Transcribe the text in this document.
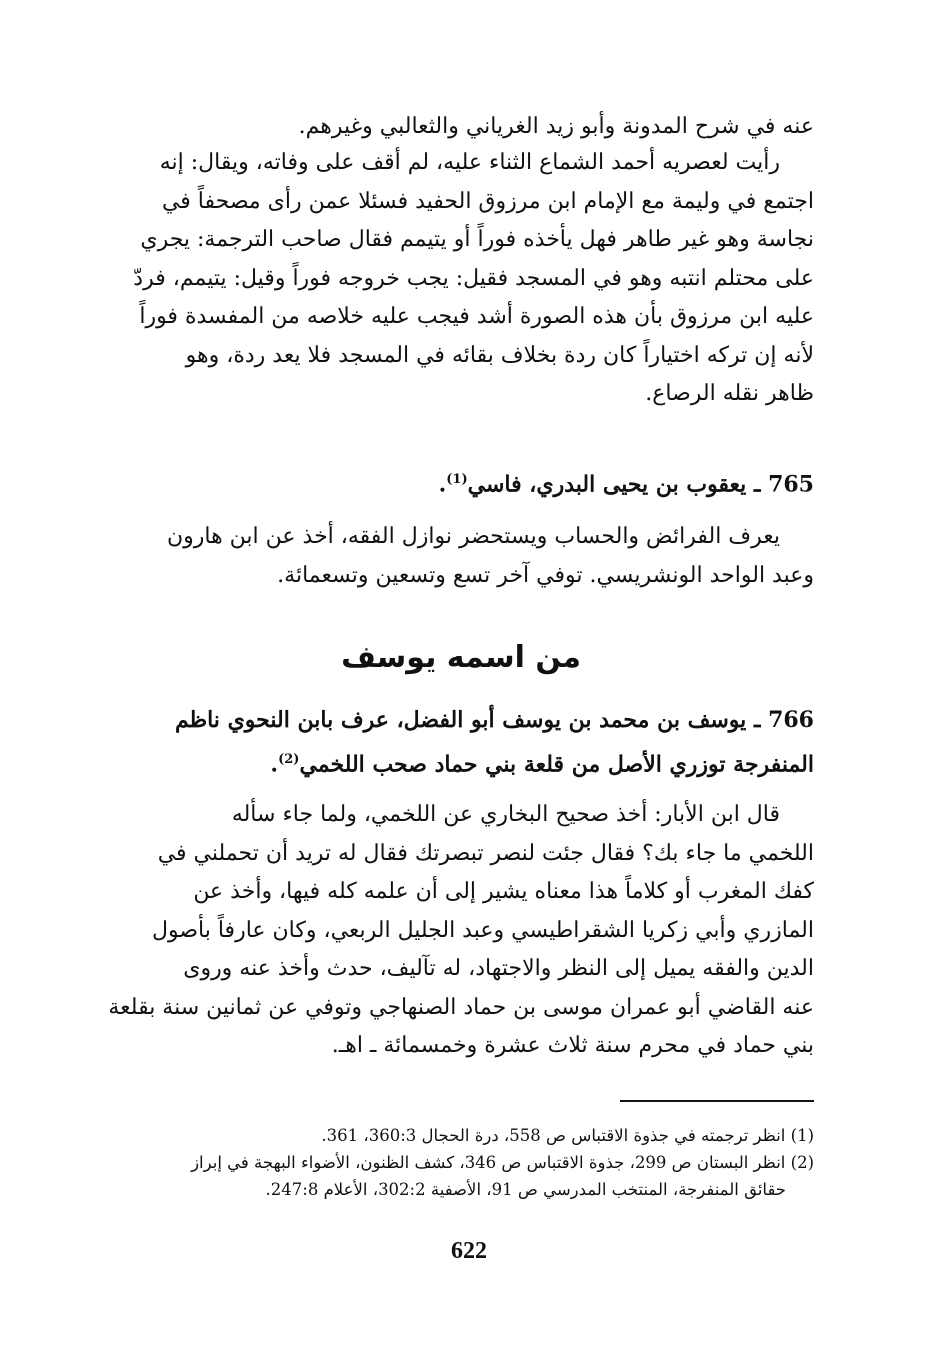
عنه في شرح المدونة وأبو زيد الغرياني والثعالبي وغيرهم.

رأيت لعصريه أحمد الشماع الثناء عليه، لم أقف على وفاته، ويقال: إنه

اجتمع في وليمة مع الإمام ابن مرزوق الحفيد فسئلا عمن رأى مصحفاً في

نجاسة وهو غير طاهر فهل يأخذه فوراً أو يتيمم فقال صاحب الترجمة: يجري

على محتلم انتبه وهو في المسجد فقيل: يجب خروجه فوراً وقيل: يتيمم، فردّ

عليه ابن مرزوق بأن هذه الصورة أشد فيجب عليه خلاصه من المفسدة فوراً

لأنه إن تركه اختياراً كان ردة بخلاف بقائه في المسجد فلا يعد ردة، وهو

ظاهر نقله الرصاع.

765 ـ يعقوب بن يحيى البدري، فاسي$^{(1)}$.

يعرف الفرائض والحساب ويستحضر نوازل الفقه، أخذ عن ابن هارون

وعبد الواحد الونشريسي. توفي آخر تسع وتسعين وتسعمائة.

من اسمه يوسف

766 ـ يوسف بن محمد بن يوسف أبو الفضل، عرف بابن النحوي ناظم

المنفرجة توزري الأصل من قلعة بني حماد صحب اللخمي$^{(2)}$.

قال ابن الأبار: أخذ صحيح البخاري عن اللخمي، ولما جاء سأله

اللخمي ما جاء بك؟ فقال جئت لنصر تبصرتك فقال له تريد أن تحملني في

كفك المغرب أو كلاماً هذا معناه يشير إلى أن علمه كله فيها، وأخذ عن

المازري وأبي زكريا الشقراطيسي وعبد الجليل الربعي، وكان عارفاً بأصول

الدين والفقه يميل إلى النظر والاجتهاد، له تآليف، حدث وأخذ عنه وروى

عنه القاضي أبو عمران موسى بن حماد الصنهاجي وتوفي عن ثمانين سنة بقلعة

بني حماد في محرم سنة ثلاث عشرة وخمسمائة ـ اهـ.

(1) انظر ترجمته في جذوة الاقتباس ص 558، درة الحجال 360:3، 361.

(2) انظر البستان ص 299، جذوة الاقتباس ص 346، كشف الظنون، الأضواء البهجة في إبراز

حقائق المنفرجة، المنتخب المدرسي ص 91، الأصفية 302:2، الأعلام 247:8.

622
